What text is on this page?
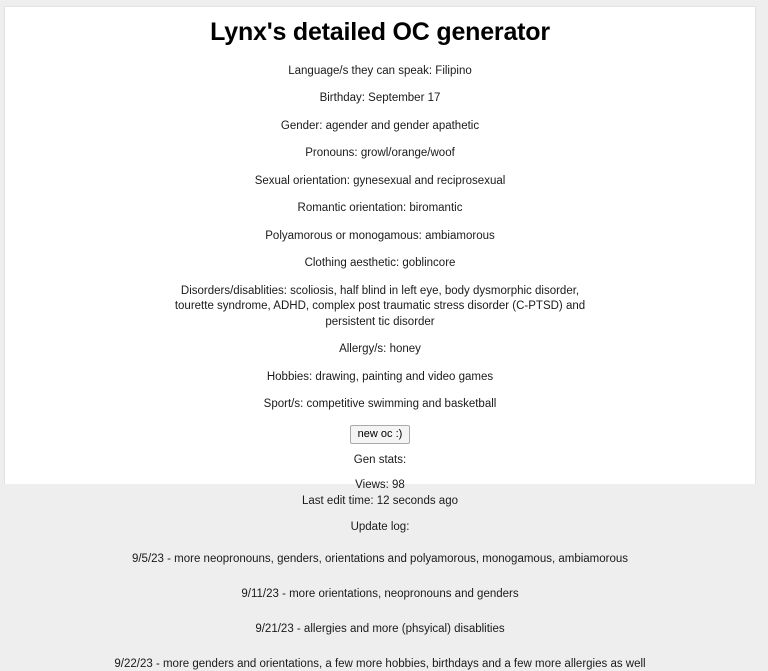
Lynx's detailed OC generator

Language/s they can speak: Filipino

Birthday: September 17

Gender: agender and gender apathetic

Pronouns: growl/orange/woof

Sexual orientation: gynesexual and reciprosexual

Romantic orientation: biromantic

Polyamorous or monogamous: ambiamorous

Clothing aesthetic: goblincore

Disorders/disablities: scoliosis, half blind in left eye, body dysmorphic disorder, tourette syndrome, ADHD, complex post traumatic stress disorder (C-PTSD) and persistent tic disorder

Allergy/s: honey

Hobbies: drawing, painting and video games

Sport/s: competitive swimming and basketball

new oc :)

Gen stats:

Views: 98
Last edit time: 12 seconds ago

Update log:

9/5/23 - more neopronouns, genders, orientations and polyamorous, monogamous, ambiamorous

9/11/23 - more orientations, neopronouns and genders

9/21/23 - allergies and more (phsyical) disablities

9/22/23 - more genders and orientations, a few more hobbies, birthdays and a few more allergies as well
